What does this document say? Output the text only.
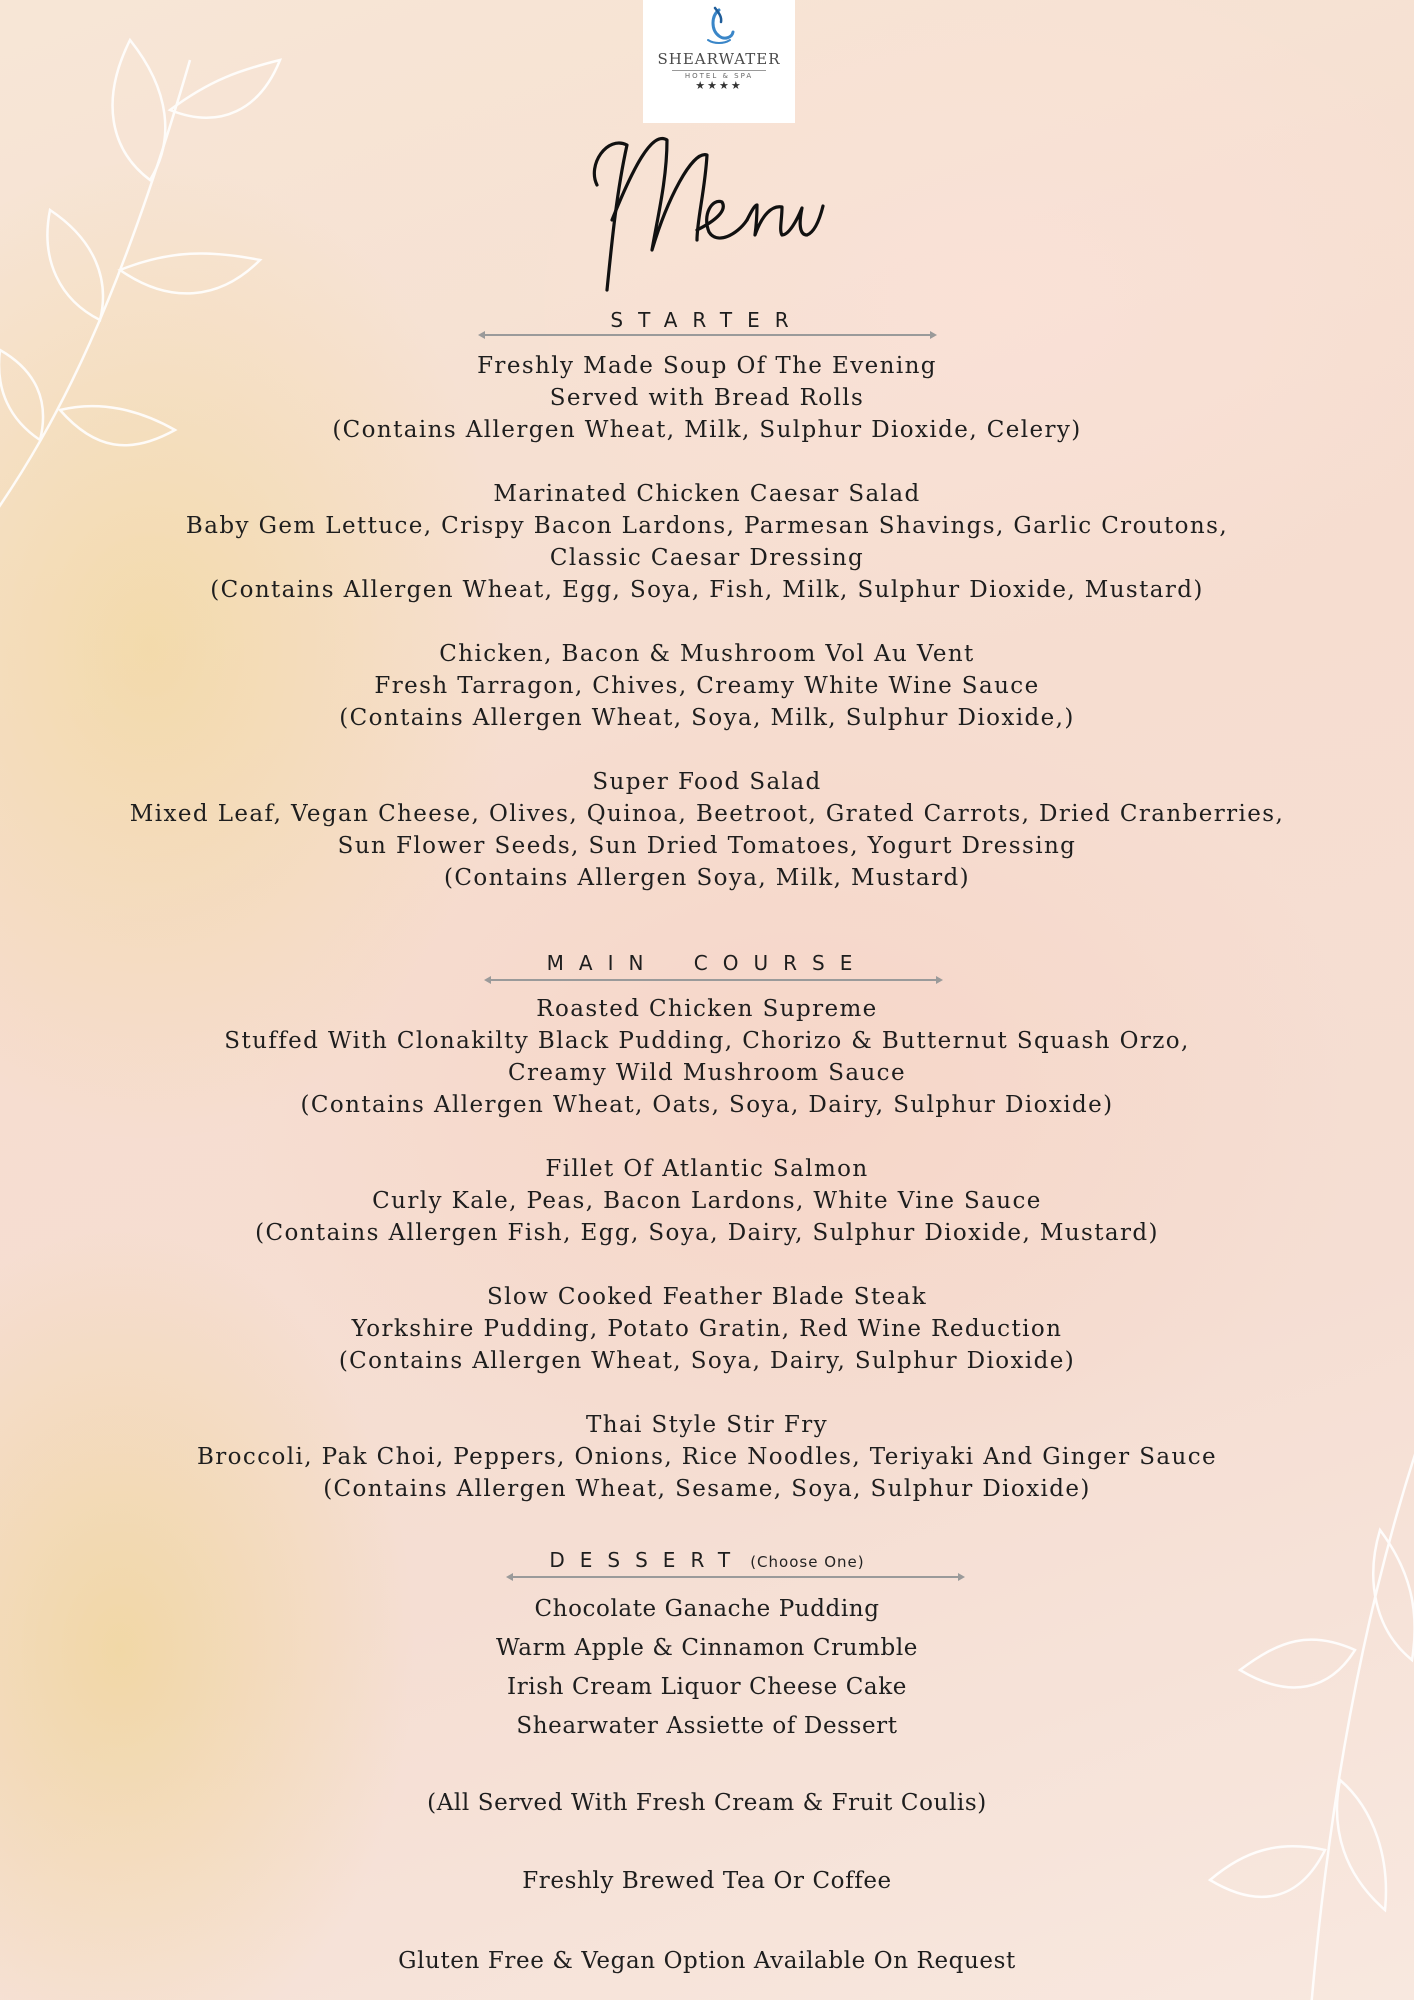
SHEARWATER
HOTEL & SPA
★★★★
Menu
STARTER
Freshly Made Soup Of The Evening
Served with Bread Rolls
(Contains Allergen Wheat, Milk, Sulphur Dioxide, Celery)
Marinated Chicken Caesar Salad
Baby Gem Lettuce, Crispy Bacon Lardons, Parmesan Shavings, Garlic Croutons,
Classic Caesar Dressing
(Contains Allergen Wheat, Egg, Soya, Fish, Milk, Sulphur Dioxide, Mustard)
Chicken, Bacon & Mushroom Vol Au Vent
Fresh Tarragon, Chives, Creamy White Wine Sauce
(Contains Allergen Wheat, Soya, Milk, Sulphur Dioxide,)
Super Food Salad
Mixed Leaf, Vegan Cheese, Olives, Quinoa, Beetroot, Grated Carrots, Dried Cranberries,
Sun Flower Seeds, Sun Dried Tomatoes, Yogurt Dressing
(Contains Allergen Soya, Milk, Mustard)
MAIN COURSE
Roasted Chicken Supreme
Stuffed With Clonakilty Black Pudding, Chorizo & Butternut Squash Orzo,
Creamy Wild Mushroom Sauce
(Contains Allergen Wheat, Oats, Soya, Dairy, Sulphur Dioxide)
Fillet Of Atlantic Salmon
Curly Kale, Peas, Bacon Lardons, White Vine Sauce
(Contains Allergen Fish, Egg, Soya, Dairy, Sulphur Dioxide, Mustard)
Slow Cooked Feather Blade Steak
Yorkshire Pudding, Potato Gratin, Red Wine Reduction
(Contains Allergen Wheat, Soya, Dairy, Sulphur Dioxide)
Thai Style Stir Fry
Broccoli, Pak Choi, Peppers, Onions, Rice Noodles, Teriyaki And Ginger Sauce
(Contains Allergen Wheat, Sesame, Soya, Sulphur Dioxide)
DESSERT (Choose One)
Chocolate Ganache Pudding
Warm Apple & Cinnamon Crumble
Irish Cream Liquor Cheese Cake
Shearwater Assiette of Dessert
(All Served With Fresh Cream & Fruit Coulis)
Freshly Brewed Tea Or Coffee
Gluten Free & Vegan Option Available On Request
